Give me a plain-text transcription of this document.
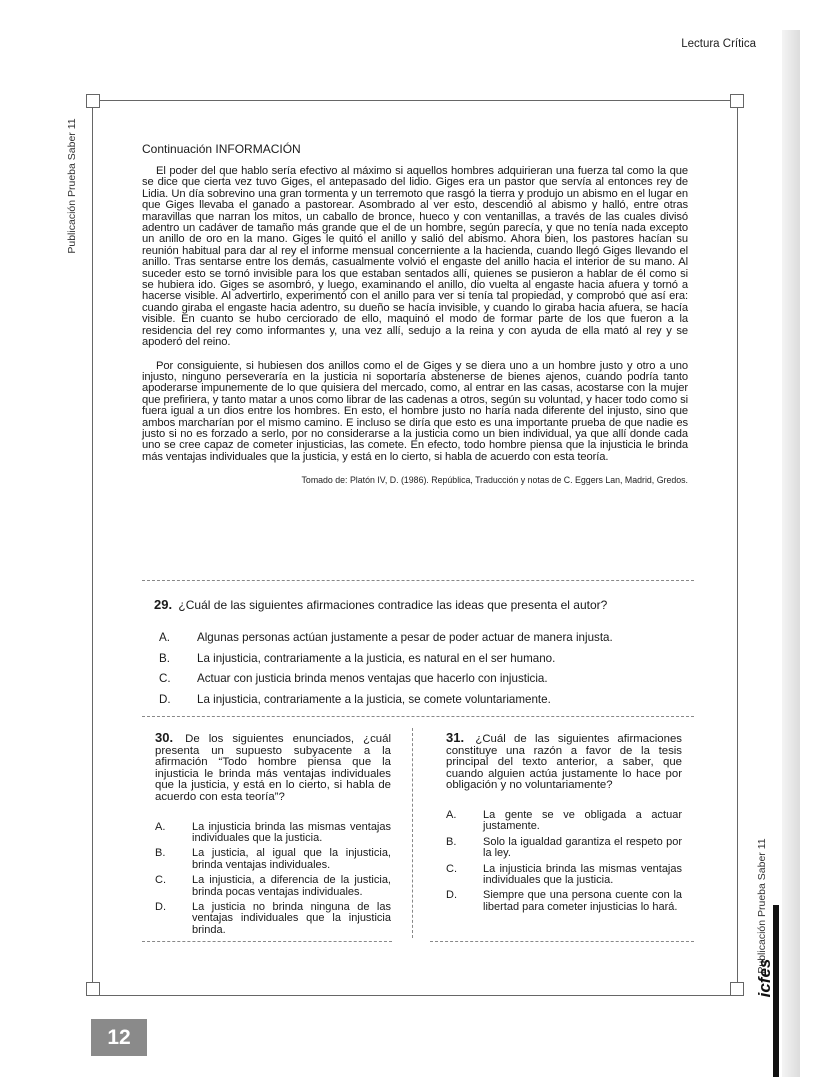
Lectura Crítica
Publicación Prueba Saber 11
Publicación Prueba Saber 11
icfes

Continuación INFORMACIÓN

El poder del que hablo sería efectivo al máximo si aquellos hombres adquirieran una fuerza tal como la que se dice que cierta vez tuvo Giges, el antepasado del lidio. Giges era un pastor que servía al entonces rey de Lidia. Un día sobrevino una gran tormenta y un terremoto que rasgó la tierra y produjo un abismo en el lugar en que Giges llevaba el ganado a pastorear. Asombrado al ver esto, descendió al abismo y halló, entre otras maravillas que narran los mitos, un caballo de bronce, hueco y con ventanillas, a través de las cuales divisó adentro un cadáver de tamaño más grande que el de un hombre, según parecía, y que no tenía nada excepto un anillo de oro en la mano. Giges le quitó el anillo y salió del abismo. Ahora bien, los pastores hacían su reunión habitual para dar al rey el informe mensual concerniente a la hacienda, cuando llegó Giges llevando el anillo. Tras sentarse entre los demás, casualmente volvió el engaste del anillo hacia el interior de su mano. Al suceder esto se tornó invisible para los que estaban sentados allí, quienes se pusieron a hablar de él como si se hubiera ido. Giges se asombró, y luego, examinando el anillo, dio vuelta al engaste hacia afuera y tornó a hacerse visible. Al advertirlo, experimentó con el anillo para ver si tenía tal propiedad, y comprobó que así era: cuando giraba el engaste hacia adentro, su dueño se hacía invisible, y cuando lo giraba hacia afuera, se hacía visible. En cuanto se hubo cerciorado de ello, maquinó el modo de formar parte de los que fueron a la residencia del rey como informantes y, una vez allí, sedujo a la reina y con ayuda de ella mató al rey y se apoderó del reino.

Por consiguiente, si hubiesen dos anillos como el de Giges y se diera uno a un hombre justo y otro a uno injusto, ninguno perseveraría en la justicia ni soportaría abstenerse de bienes ajenos, cuando podría tanto apoderarse impunemente de lo que quisiera del mercado, como, al entrar en las casas, acostarse con la mujer que prefiriera, y tanto matar a unos como librar de las cadenas a otros, según su voluntad, y hacer todo como si fuera igual a un dios entre los hombres. En esto, el hombre justo no haría nada diferente del injusto, sino que ambos marcharían por el mismo camino. E incluso se diría que esto es una importante prueba de que nadie es justo si no es forzado a serlo, por no considerarse a la justicia como un bien individual, ya que allí donde cada uno se cree capaz de cometer injusticias, las comete. En efecto, todo hombre piensa que la injusticia le brinda más ventajas individuales que la justicia, y está en lo cierto, si habla de acuerdo con esta teoría.

Tomado de: Platón IV, D. (1986). República, Traducción y notas de C. Eggers Lan, Madrid, Gredos.

29. ¿Cuál de las siguientes afirmaciones contradice las ideas que presenta el autor?
A.	Algunas personas actúan justamente a pesar de poder actuar de manera injusta.
B.	La injusticia, contrariamente a la justicia, es natural en el ser humano.
C.	Actuar con justicia brinda menos ventajas que hacerlo con injusticia.
D.	La injusticia, contrariamente a la justicia, se comete voluntariamente.
30. De los siguientes enunciados, ¿cuál presenta un supuesto subyacente a la afirmación “Todo hombre piensa que la injusticia le brinda más ventajas individuales que la justicia, y está en lo cierto, si habla de acuerdo con esta teoría”?
A.	La injusticia brinda las mismas ventajas individuales que la justicia.
B.	La justicia, al igual que la injusticia, brinda ventajas individuales.
C.	La injusticia, a diferencia de la justicia, brinda pocas ventajas individuales.
D.	La justicia no brinda ninguna de las ventajas individuales que la injusticia brinda.
31. ¿Cuál de las siguientes afirmaciones constituye una razón a favor de la tesis principal del texto anterior, a saber, que cuando alguien actúa justamente lo hace por obligación y no voluntariamente?
A.	La gente se ve obligada a actuar justamente.
B.	Solo la igualdad garantiza el respeto por la ley.
C.	La injusticia brinda las mismas ventajas individuales que la justicia.
D.	Siempre que una persona cuente con la libertad para cometer injusticias lo hará.
12
